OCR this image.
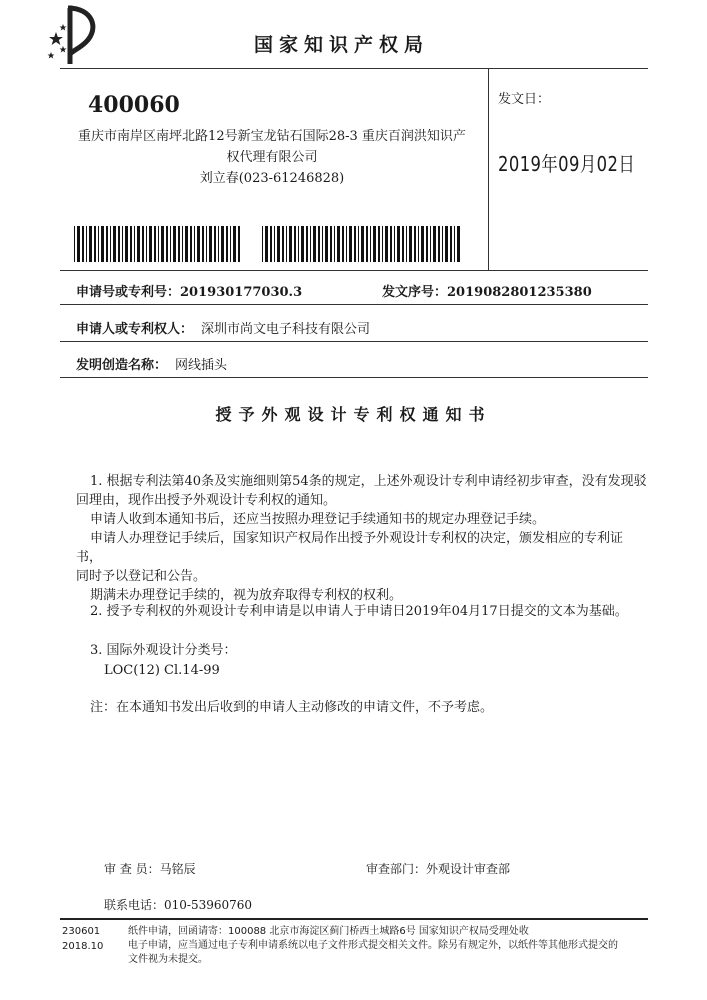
国家知识产权局
400060
重庆市南岸区南坪北路12号新宝龙钻石国际28-3 重庆百润洪知识产
权代理有限公司
刘立春(023-61246828)
发文日：
2019年09月02日
申请号或专利号：201930177030.3	发文序号：2019082801235380
申请人或专利权人： 深圳市尚文电子科技有限公司
发明创造名称： 网线插头
授予外观设计专利权通知书

1. 根据专利法第40条及实施细则第54条的规定，上述外观设计专利申请经初步审查，没有发现驳

回理由，现作出授予外观设计专利权的通知。

申请人收到本通知书后，还应当按照办理登记手续通知书的规定办理登记手续。

申请人办理登记手续后，国家知识产权局作出授予外观设计专利权的决定，颁发相应的专利证书，

同时予以登记和公告。

期满未办理登记手续的，视为放弃取得专利权的权利。

2. 授予专利权的外观设计专利申请是以申请人于申请日2019年04月17日提交的文本为基础。
3. 国际外观设计分类号：
LOC(12) Cl.14-99
注：在本通知书发出后收到的申请人主动修改的申请文件，不予考虑。
审 查 员：马铭辰	审查部门：外观设计审查部
联系电话：010-53960760
230601
2018.10
纸件申请，回函请寄：100088 北京市海淀区蓟门桥西土城路6号 国家知识产权局受理处收
电子申请，应当通过电子专利申请系统以电子文件形式提交相关文件。除另有规定外，以纸件等其他形式提交的
文件视为未提交。
